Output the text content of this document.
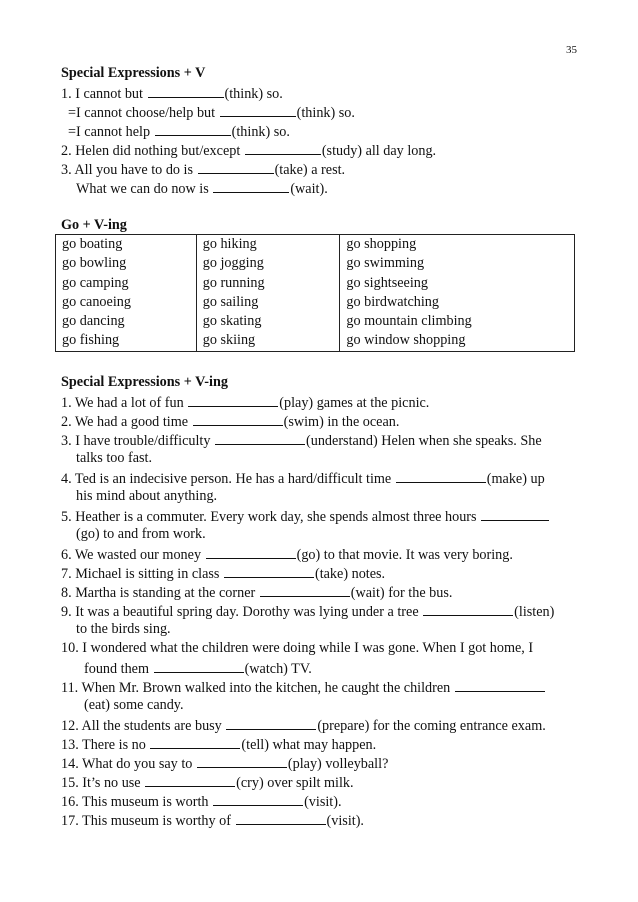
35
Special Expressions + V
1. I cannot but	(think) so.
=I cannot choose/help but	(think) so.
=I cannot help	(think) so.
2. Helen did nothing but/except	(study) all day long.
3. All you have to do is	(take) a rest.
What we can do now is	(wait).
Go + V-ing
go boating	go hiking	go shopping
go bowling	go jogging	go swimming
go camping	go running	go sightseeing
go canoeing	go sailing	go birdwatching
go dancing	go skating	go mountain climbing
go fishing	go skiing	go window shopping
Special Expressions + V-ing
1. We had a lot of fun	(play) games at the picnic.
2. We had a good time	(swim) in the ocean.
3. I have trouble/difficulty	(understand) Helen when she speaks. She
talks too fast.
4. Ted is an indecisive person. He has a hard/difficult time	(make) up
his mind about anything.
5. Heather is a commuter. Every work day, she spends almost three hours
(go) to and from work.
6. We wasted our money	(go) to that movie. It was very boring.
7. Michael is sitting in class	(take) notes.
8. Martha is standing at the corner	(wait) for the bus.
9. It was a beautiful spring day. Dorothy was lying under a tree	(listen)
to the birds sing.
10. I wondered what the children were doing while I was gone. When I got home, I
found them	(watch) TV.
11. When Mr. Brown walked into the kitchen, he caught the children
(eat) some candy.
12. All the students are busy	(prepare) for the coming entrance exam.
13. There is no	(tell) what may happen.
14. What do you say to	(play) volleyball?
15. It’s no use	(cry) over spilt milk.
16. This museum is worth	(visit).
17. This museum is worthy of	(visit).
